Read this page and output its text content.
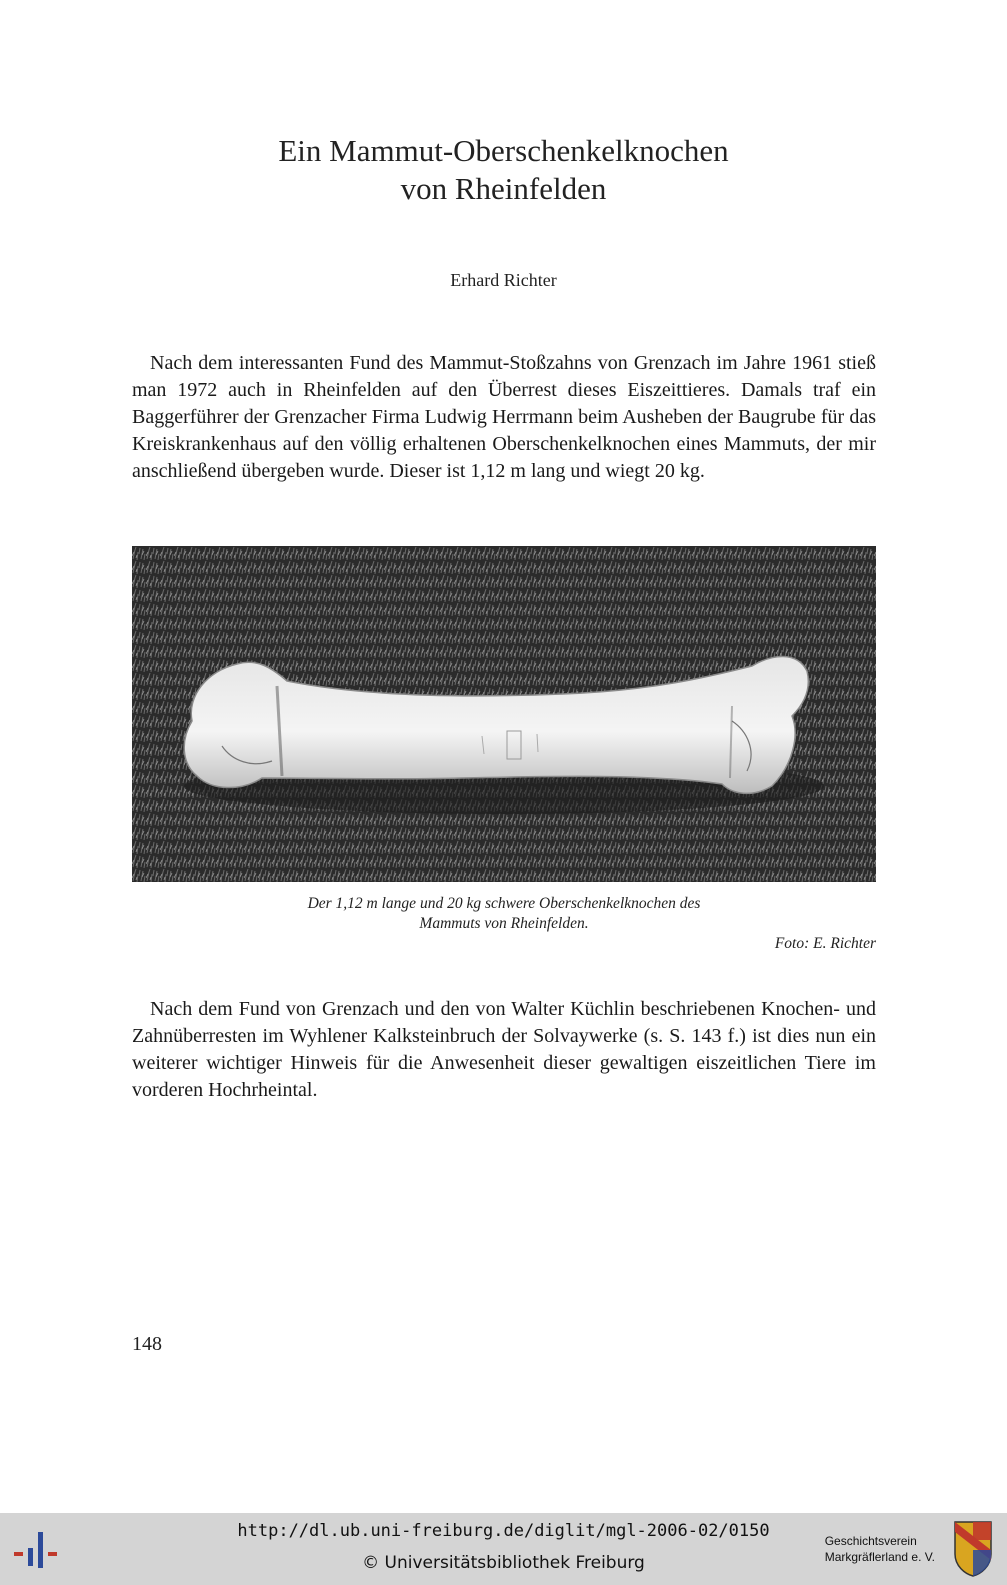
Ein Mammut-Oberschenkelknochen
von Rheinfelden
Erhard Richter

Nach dem interessanten Fund des Mammut-Stoßzahns von Grenzach im Jahre 1961 stieß man 1972 auch in Rheinfelden auf den Überrest dieses Eiszeittieres. Damals traf ein Baggerführer der Grenzacher Firma Ludwig Herrmann beim Ausheben der Baugrube für das Kreiskrankenhaus auf den völlig erhaltenen Oberschenkelknochen eines Mammuts, der mir anschließend übergeben wurde. Dieser ist 1,12 m lang und wiegt 20 kg.

Der 1,12 m lange und 20 kg schwere Oberschenkelknochen des
Mammuts von Rheinfelden.
Foto: E. Richter

Nach dem Fund von Grenzach und den von Walter Küchlin beschriebenen Knochen- und Zahnüberresten im Wyhlener Kalksteinbruch der Solvaywerke (s. S. 143 f.) ist dies nun ein weiterer wichtiger Hinweis für die Anwesenheit dieser gewaltigen eiszeitlichen Tiere im vorderen Hochrheintal.

148
http://dl.ub.uni-freiburg.de/diglit/mgl-2006-02/0150
© Universitätsbibliothek Freiburg
Geschichtsverein
Markgräflerland e. V.
